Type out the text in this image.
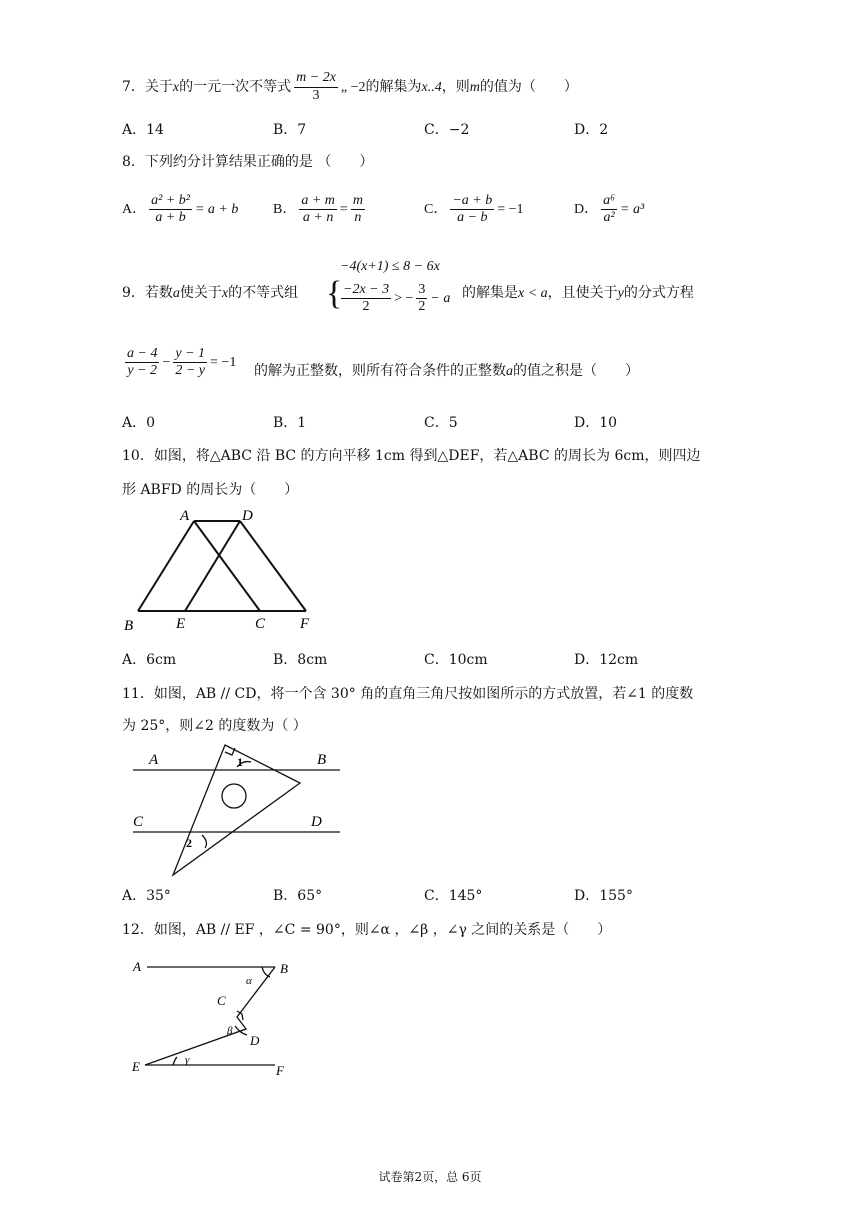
7．关于x的一元一次不等式 $\frac{m - 2x}{3}$ „ −2的解集为x..4，则m的值为（　　）
A．14	B．7	C．−2	D．2
8．下列约分计算结果正确的是 （　　）
A． $\frac{\text{a² + b²}}{a + b} = a + b$ B． $\frac{a + m}{a + n} = \frac{m}{n}$	C． $\frac{-a + b}{a - b} = -1$	D． $\frac{\text{a⁶}}{\text{a²}} = a^3$
9．若数a使关于x的不等式组 {
−4(x+1) ≤ 8 − 6x
$\frac{-2x - 3}{2}$ > − $\frac{3}{2} - a$ 的解集是x < a，且使关于y的分式方程
$\frac{a - 4}{y - 2} - \frac{y - 1}{2 - y} = -1$
的解为正整数，则所有符合条件的正整数a的值之积是（　　）
A．0	B．1	C．5	D．10
10．如图，将△ABC 沿 BC 的方向平移 1cm 得到△DEF，若△ABC 的周长为 6cm，则四边
形 ABFD 的周长为（　　）
A	D
B	E	C F
A．6cm	B．8cm	C．10cm	D．12cm
11．如图，AB // CD，将一个含 30° 角的直角三角尺按如图所示的方式放置，若∠1 的度数
为 25°，则∠2 的度数为（ ）
A	B
C	D
1
2
A．35°	B．65°	C．145°	D．155°
12．如图，AB // EF ，∠C = 90°，则∠α ，∠β ，∠γ 之间的关系是（　　）
A	B
C
D
E	F
α
β
γ
试卷第2页，总 6页
